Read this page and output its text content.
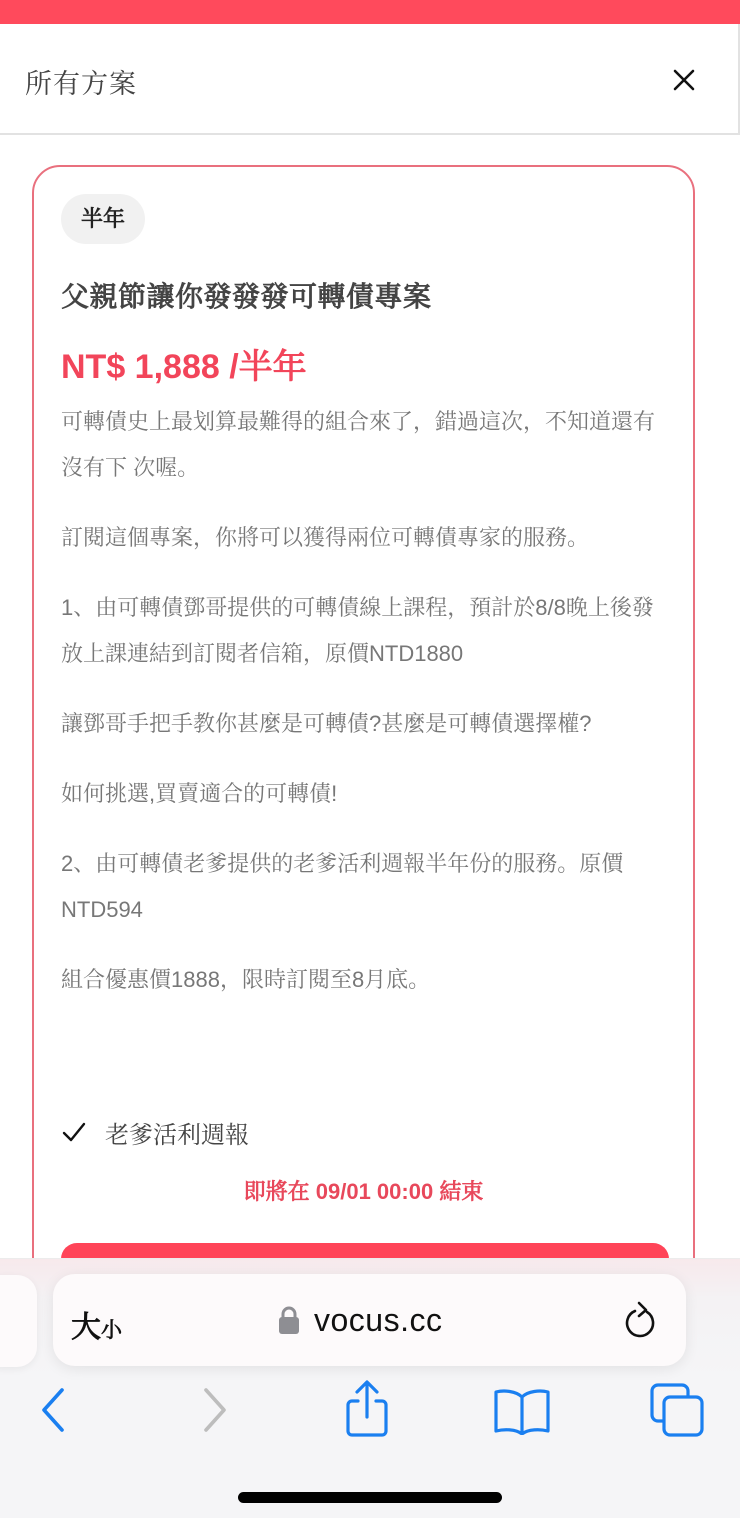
所有方案
半年
父親節讓你發發發可轉債專案
NT$ 1,888 /半年

可轉債史上最划算最難得的組合來了，錯過這次，不知道還有沒有下 次喔。

訂閱這個專案，你將可以獲得兩位可轉債專家的服務。

1、由可轉債鄧哥提供的可轉債線上課程，預計於8/8晚上後發放上課連結到訂閱者信箱，原價NTD1880

讓鄧哥手把手教你甚麼是可轉債?甚麼是可轉債選擇權?

如何挑選,買賣適合的可轉債!

2、由可轉債老爹提供的老爹活利週報半年份的服務。原價NTD594

組合優惠價1888，限時訂閱至8月底。

老爹活利週報
即將在 09/01 00:00 結束
大小	vocus.cc
